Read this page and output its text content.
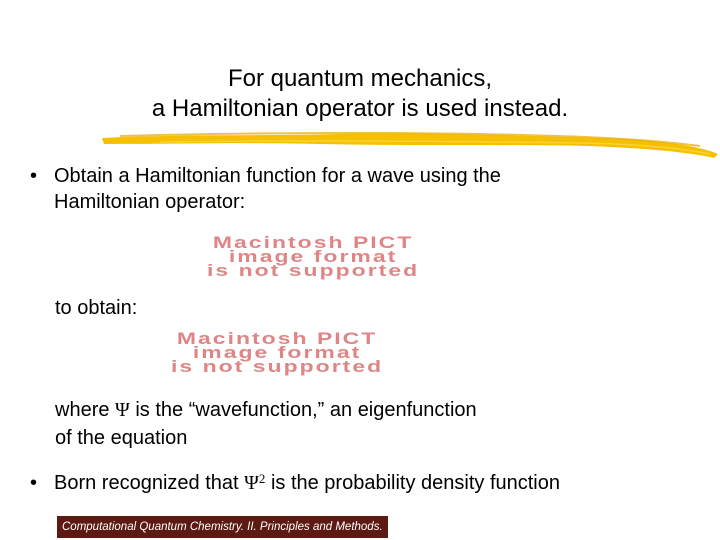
For quantum mechanics,
a Hamiltonian operator is used instead.
• Obtain a Hamiltonian function for a wave using the
Hamiltonian operator:
Macintosh PICT
image format
is not supported
to obtain:
Macintosh PICT
image format
is not supported
where Ψ is the “wavefunction,” an eigenfunction
of the equation
• Born recognized that $\Psi^2$ is the probability density function
Computational Quantum Chemistry. II. Principles and Methods.
